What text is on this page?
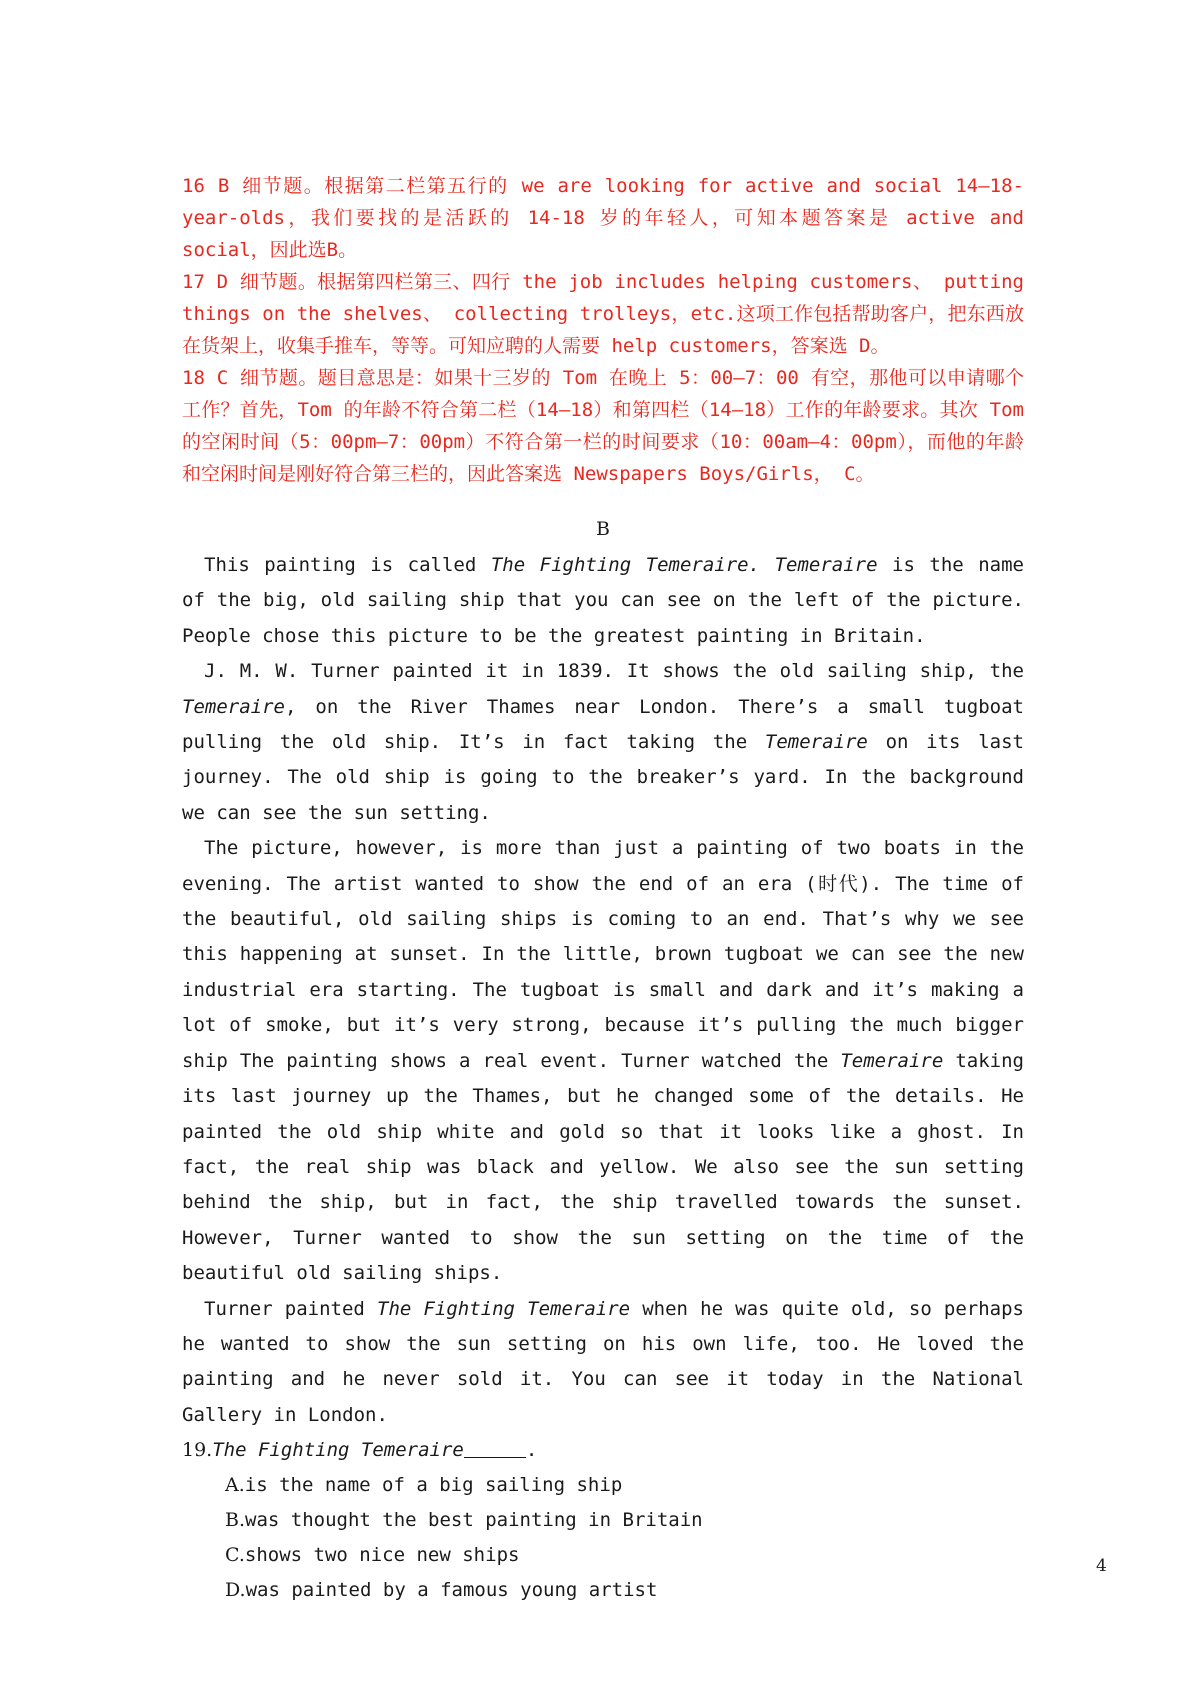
16 B 细节题。根据第二栏第五行的 we are looking for active and social 14—18-year-olds，我们要找的是活跃的 14-18 岁的年轻人，可知本题答案是 active and social，因此选B。

17 D 细节题。根据第四栏第三、四行 the job includes helping customers、 putting things on the shelves、 collecting trolleys，etc.这项工作包括帮助客户，把东西放在货架上，收集手推车，等等。可知应聘的人需要 help customers，答案选 D。

18 C 细节题。题目意思是：如果十三岁的 Tom 在晚上 5：00—7：00 有空，那他可以申请哪个工作？首先，Tom 的年龄不符合第二栏（14—18）和第四栏（14—18）工作的年龄要求。其次 Tom 的空闲时间（5：00pm—7：00pm）不符合第一栏的时间要求（10：00am—4：00pm），而他的年龄和空闲时间是刚好符合第三栏的，因此答案选 Newspapers Boys/Girls， C。

B

This painting is called The Fighting Temeraire. Temeraire is the name of the big, old sailing ship that you can see on the left of the picture. People chose this picture to be the greatest painting in Britain.

J. M. W. Turner painted it in 1839. It shows the old sailing ship, the Temeraire, on the River Thames near London. There’s a small tugboat pulling the old ship. It’s in fact taking the Temeraire on its last journey. The old ship is going to the breaker’s yard. In the background we can see the sun setting.

The picture, however, is more than just a painting of two boats in the evening. The artist wanted to show the end of an era (时代). The time of the beautiful, old sailing ships is coming to an end. That’s why we see this happening at sunset. In the little, brown tugboat we can see the new industrial era starting. The tugboat is small and dark and it’s making a lot of smoke, but it’s very strong, because it’s pulling the much bigger ship The painting shows a real event. Turner watched the Temeraire taking its last journey up the Thames, but he changed some of the details. He painted the old ship white and gold so that it looks like a ghost. In fact, the real ship was black and yellow. We also see the sun setting behind the ship, but in fact, the ship travelled towards the sunset. However, Turner wanted to show the sun setting on the time of the beautiful old sailing ships.

Turner painted The Fighting Temeraire when he was quite old, so perhaps he wanted to show the sun setting on his own life, too. He loved the painting and he never sold it. You can see it today in the National Gallery in London.

19.The Fighting Temeraire	.

A.is the name of a big sailing ship
B.was thought the best painting in Britain
C.shows two nice new ships
D.was painted by a famous young artist
4
